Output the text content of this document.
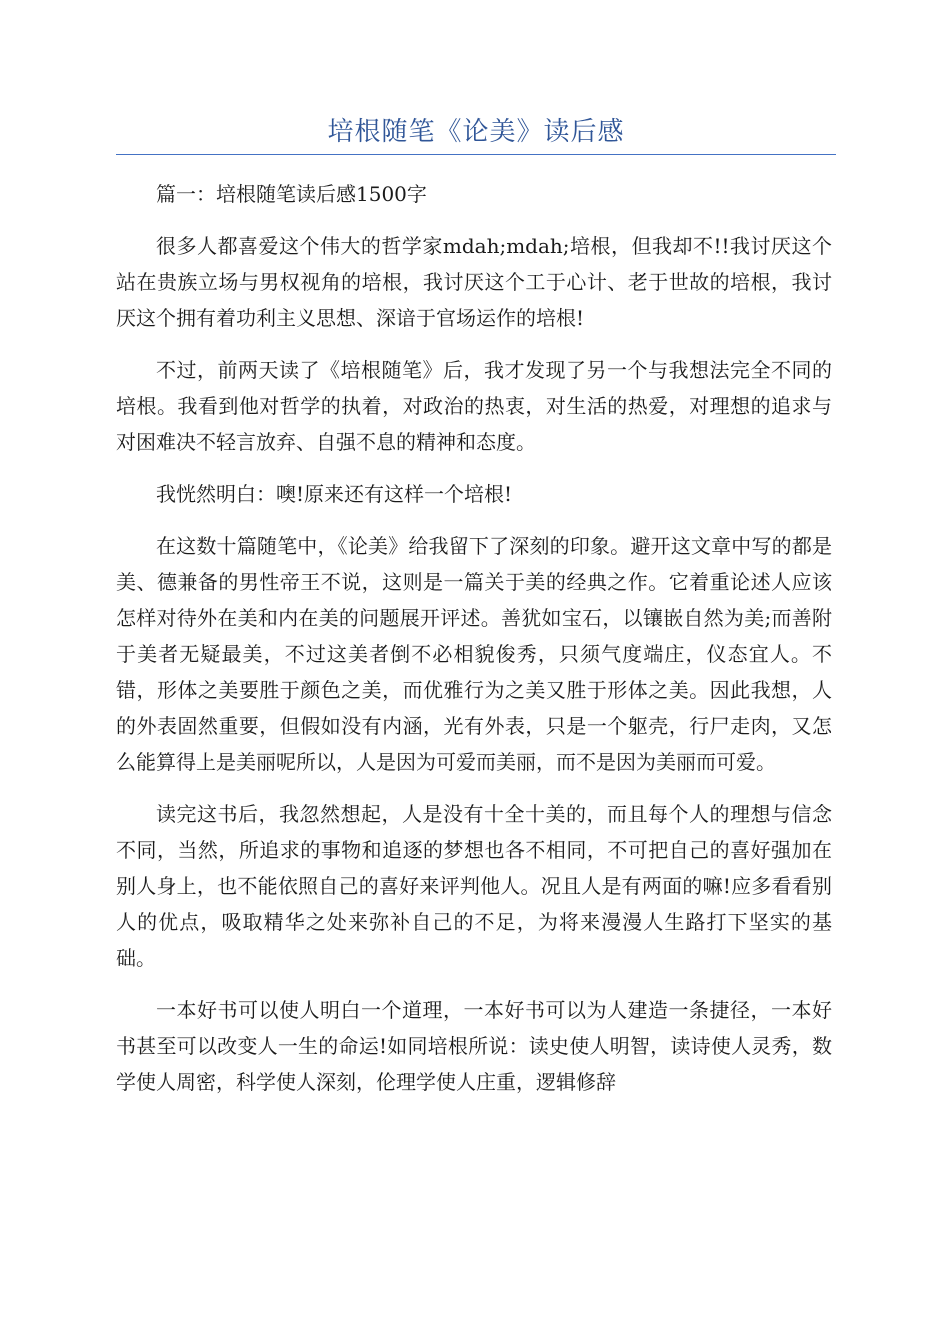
培根随笔《论美》读后感

篇一：培根随笔读后感1500字

很多人都喜爱这个伟大的哲学家mdah;mdah;培根，但我却不!!我讨厌这个站在贵族立场与男权视角的培根，我讨厌这个工于心计、老于世故的培根，我讨厌这个拥有着功利主义思想、深谙于官场运作的培根!

不过，前两天读了《培根随笔》后，我才发现了另一个与我想法完全不同的培根。我看到他对哲学的执着，对政治的热衷，对生活的热爱，对理想的追求与对困难决不轻言放弃、自强不息的精神和态度。

我恍然明白：噢!原来还有这样一个培根!

在这数十篇随笔中，《论美》给我留下了深刻的印象。避开这文章中写的都是美、德兼备的男性帝王不说，这则是一篇关于美的经典之作。它着重论述人应该怎样对待外在美和内在美的问题展开评述。善犹如宝石，以镶嵌自然为美;而善附于美者无疑最美，不过这美者倒不必相貌俊秀，只须气度端庄，仪态宜人。不错，形体之美要胜于颜色之美，而优雅行为之美又胜于形体之美。因此我想，人的外表固然重要，但假如没有内涵，光有外表，只是一个躯壳，行尸走肉，又怎么能算得上是美丽呢所以，人是因为可爱而美丽，而不是因为美丽而可爱。

读完这书后，我忽然想起，人是没有十全十美的，而且每个人的理想与信念不同，当然，所追求的事物和追逐的梦想也各不相同，不可把自己的喜好强加在别人身上，也不能依照自己的喜好来评判他人。况且人是有两面的嘛!应多看看别人的优点，吸取精华之处来弥补自己的不足，为将来漫漫人生路打下坚实的基础。

一本好书可以使人明白一个道理，一本好书可以为人建造一条捷径，一本好书甚至可以改变人一生的命运!如同培根所说：读史使人明智，读诗使人灵秀，数学使人周密，科学使人深刻，伦理学使人庄重，逻辑修辞
